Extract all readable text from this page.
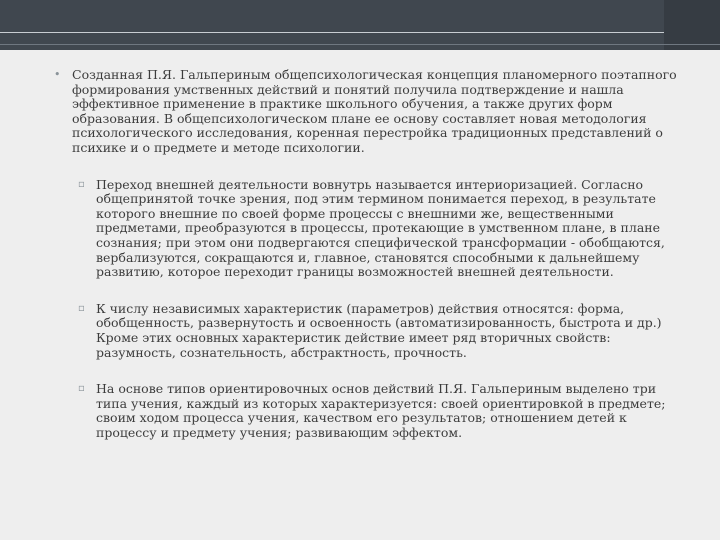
• Созданная П.Я. Гальпериным общепсихологическая концепция планомерного поэтапного формирования умственных действий и понятий получила подтверждение и нашла эффективное применение в практике школьного обучения, а также других форм образования. В общепсихологическом плане ее основу составляет новая методология психологического исследования, коренная перестройка традиционных представлений о психике и о предмете и методе психологии.
▫ Переход внешней деятельности вовнутрь называется интериоризацией. Согласно общепринятой точке зрения, под этим термином понимается переход, в результате которого внешние по своей форме процессы с внешними же, вещественными предметами, преобразуются в процессы, протекающие в умственном плане, в плане сознания; при этом они подвергаются специфической трансформации - обобщаются, вербализуются, сокращаются и, главное, становятся способными к дальнейшему развитию, которое переходит границы возможностей внешней деятельности.
▫ К числу независимых характеристик (параметров) действия относятся: форма, обобщенность, развернутость и освоенность (автоматизированность, быстрота и др.) Кроме этих основных характеристик действие имеет ряд вторичных свойств: разумность, сознательность, абстрактность, прочность.
▫ На основе типов ориентировочных основ действий П.Я. Гальпериным выделено три типа учения, каждый из которых характеризуется: своей ориентировкой в предмете; своим ходом процесса учения, качеством его результатов; отношением детей к процессу и предмету учения; развивающим эффектом.
